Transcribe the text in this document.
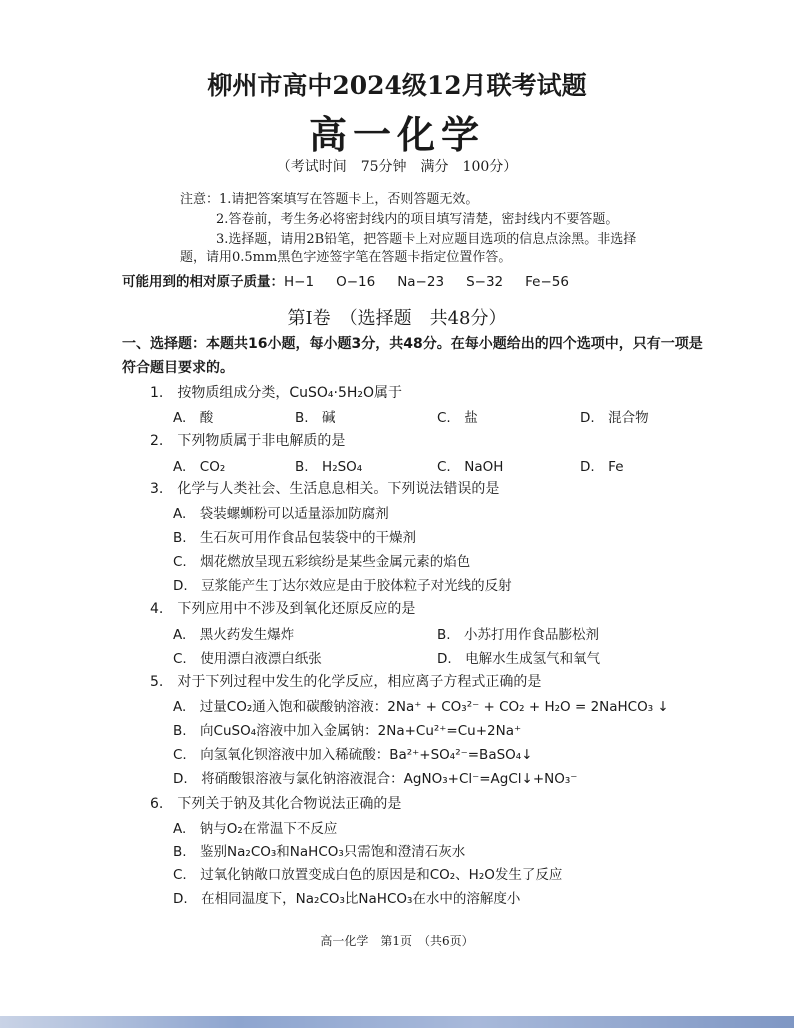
柳州市高中2024级12月联考试题
高一化学
（考试时间　75分钟　满分　100分）
注意：1.请把答案填写在答题卡上，否则答题无效。
2.答卷前，考生务必将密封线内的项目填写清楚，密封线内不要答题。
3.选择题，请用2B铅笔，把答题卡上对应题目选项的信息点涂黑。非选择
题，请用0.5mm黑色字迹签字笔在答题卡指定位置作答。
可能用到的相对原子质量：H−1 O−16 Na−23 S−32 Fe−56
第Ⅰ卷　（选择题　共48分）
一、选择题：本题共16小题，每小题3分，共48分。在每小题给出的四个选项中，只有一项是
符合题目要求的。
1.　按物质组成分类，CuSO₄·5H₂O属于
A.　酸	B.　碱	C.　盐	D.　混合物
2.　下列物质属于非电解质的是
A.　CO₂	B.　H₂SO₄	C.　NaOH	D.　Fe
3.　化学与人类社会、生活息息相关。下列说法错误的是
A.　袋装螺蛳粉可以适量添加防腐剂
B.　生石灰可用作食品包装袋中的干燥剂
C.　烟花燃放呈现五彩缤纷是某些金属元素的焰色
D.　豆浆能产生丁达尔效应是由于胶体粒子对光线的反射
4.　下列应用中不涉及到氧化还原反应的是
A.　黑火药发生爆炸	B.　小苏打用作食品膨松剂
C.　使用漂白液漂白纸张	D.　电解水生成氢气和氧气
5.　对于下列过程中发生的化学反应，相应离子方程式正确的是
A.　过量CO₂通入饱和碳酸钠溶液：2Na⁺ + CO₃²⁻ + CO₂ + H₂O = 2NaHCO₃ ↓
B.　向CuSO₄溶液中加入金属钠：2Na+Cu²⁺=Cu+2Na⁺
C.　向氢氧化钡溶液中加入稀硫酸：Ba²⁺+SO₄²⁻=BaSO₄↓
D.　将硝酸银溶液与氯化钠溶液混合：AgNO₃+Cl⁻=AgCl↓+NO₃⁻
6.　下列关于钠及其化合物说法正确的是
A.　钠与O₂在常温下不反应
B.　鉴别Na₂CO₃和NaHCO₃只需饱和澄清石灰水
C.　过氧化钠敞口放置变成白色的原因是和CO₂、H₂O发生了反应
D.　在相同温度下，Na₂CO₃比NaHCO₃在水中的溶解度小
高一化学　第1页　（共6页）
